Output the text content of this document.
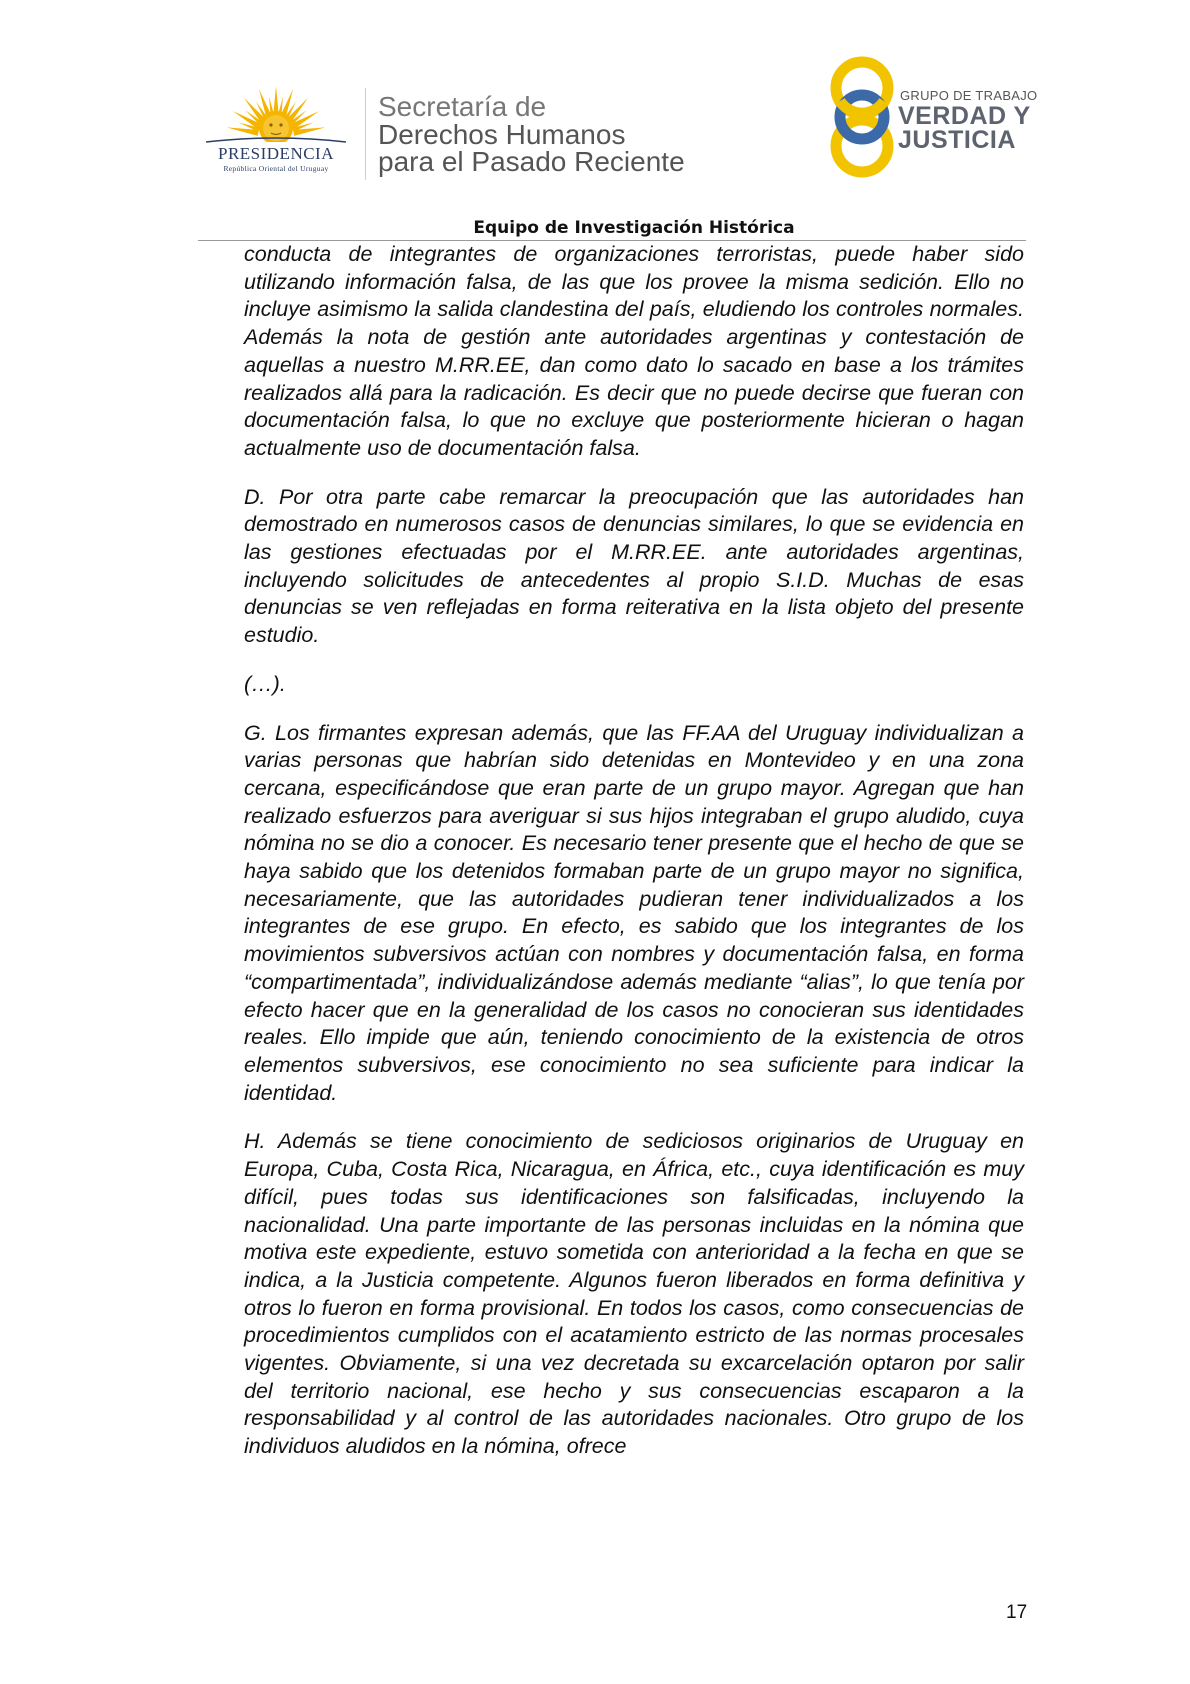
PRESIDENCIA
República Oriental del Uruguay
Secretaría de
Derechos Humanos
para el Pasado Reciente
GRUPO DE TRABAJO
VERDAD Y
JUSTICIA
Equipo de Investigación Histórica

conducta de integrantes de organizaciones terroristas, puede haber sido utilizando información falsa, de las que los provee la misma sedición. Ello no incluye asimismo la salida clandestina del país, eludiendo los controles normales. Además la nota de gestión ante autoridades argentinas y contestación de aquellas a nuestro M.RR.EE, dan como dato lo sacado en base a los trámites realizados allá para la radicación. Es decir que no puede decirse que fueran con documentación falsa, lo que no excluye que posteriormente hicieran o hagan actualmente uso de documentación falsa.

D. Por otra parte cabe remarcar la preocupación que las autoridades han demostrado en numerosos casos de denuncias similares, lo que se evidencia en las gestiones efectuadas por el M.RR.EE. ante autoridades argentinas, incluyendo solicitudes de antecedentes al propio S.I.D. Muchas de esas denuncias se ven reflejadas en forma reiterativa en la lista objeto del presente estudio.

(…).

G. Los firmantes expresan además, que las FF.AA del Uruguay individualizan a varias personas que habrían sido detenidas en Montevideo y en una zona cercana, especificándose que eran parte de un grupo mayor. Agregan que han realizado esfuerzos para averiguar si sus hijos integraban el grupo aludido, cuya nómina no se dio a conocer. Es necesario tener presente que el hecho de que se haya sabido que los detenidos formaban parte de un grupo mayor no significa, necesariamente, que las autoridades pudieran tener individualizados a los integrantes de ese grupo. En efecto, es sabido que los integrantes de los movimientos subversivos actúan con nombres y documentación falsa, en forma “compartimentada”, individualizándose además mediante “alias”, lo que tenía por efecto hacer que en la generalidad de los casos no conocieran sus identidades reales. Ello impide que aún, teniendo conocimiento de la existencia de otros elementos subversivos, ese conocimiento no sea suficiente para indicar la identidad.

H. Además se tiene conocimiento de sediciosos originarios de Uruguay en Europa, Cuba, Costa Rica, Nicaragua, en África, etc., cuya identificación es muy difícil, pues todas sus identificaciones son falsificadas, incluyendo la nacionalidad. Una parte importante de las personas incluidas en la nómina que motiva este expediente, estuvo sometida con anterioridad a la fecha en que se indica, a la Justicia competente. Algunos fueron liberados en forma definitiva y otros lo fueron en forma provisional. En todos los casos, como consecuencias de procedimientos cumplidos con el acatamiento estricto de las normas procesales vigentes. Obviamente, si una vez decretada su excarcelación optaron por salir del territorio nacional, ese hecho y sus consecuencias escaparon a la responsabilidad y al control de las autoridades nacionales. Otro grupo de los individuos aludidos en la nómina, ofrece

17
